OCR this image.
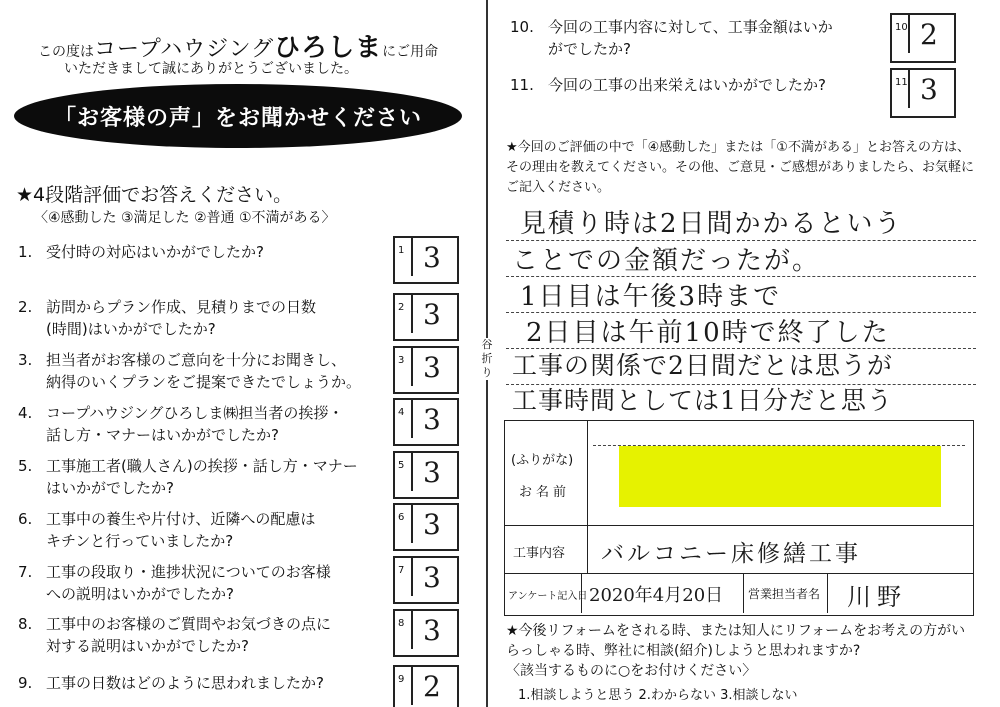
この度はコープハウジングひろしまにご用命
いただきまして誠にありがとうございました。
「お客様の声」をお聞かせください
★4段階評価でお答えください。
〈④感動した ③満足した ②普通 ①不満がある〉
1. 受付時の対応はいかがでしたか?	1 3
2. 訪問からプラン作成、見積りまでの日数
(時間)はいかがでしたか?
2 3
3. 担当者がお客様のご意向を十分にお聞きし、
納得のいくプランをご提案できたでしょうか。
3 3
4. コープハウジングひろしま㈱担当者の挨拶・
話し方・マナーはいかがでしたか?
4 3
5. 工事施工者(職人さん)の挨拶・話し方・マナー
はいかがでしたか?
5 3
6. 工事中の養生や片付け、近隣への配慮は
キチンと行っていましたか?
6 3
7. 工事の段取り・進捗状況についてのお客様
への説明はいかがでしたか?
7 3
8. 工事中のお客様のご質問やお気づきの点に
対する説明はいかがでしたか?
8 3
9. 工事の日数はどのように思われましたか?	9 2
谷折り
10. 今回の工事内容に対して、工事金額はいか
がでしたか?
10 2
11. 今回の工事の出来栄えはいかがでしたか?	11 3
★今回のご評価の中で「④感動した」または「①不満がある」とお答えの方は、その理由を教えてください。その他、ご意見・ご感想がありましたら、お気軽にご記入ください。
見積り時は2日間かかるという
ことでの金額だったが。
1日目は午後3時まで
2日目は午前10時で終了した
工事の関係で2日間だとは思うが
工事時間としては1日分だと思う
(ふりがな)
お名前
工事内容 バルコニー床修繕工事
アンケート記入日 2020年4月20日 営業担当者名 川野
★今後リフォームをされる時、または知人にリフォームをお考えの方がいらっしゃる時、弊社に相談(紹介)しようと思われますか?
〈該当するものに○をお付けください〉
1.相談しようと思う 2.わからない 3.相談しない
